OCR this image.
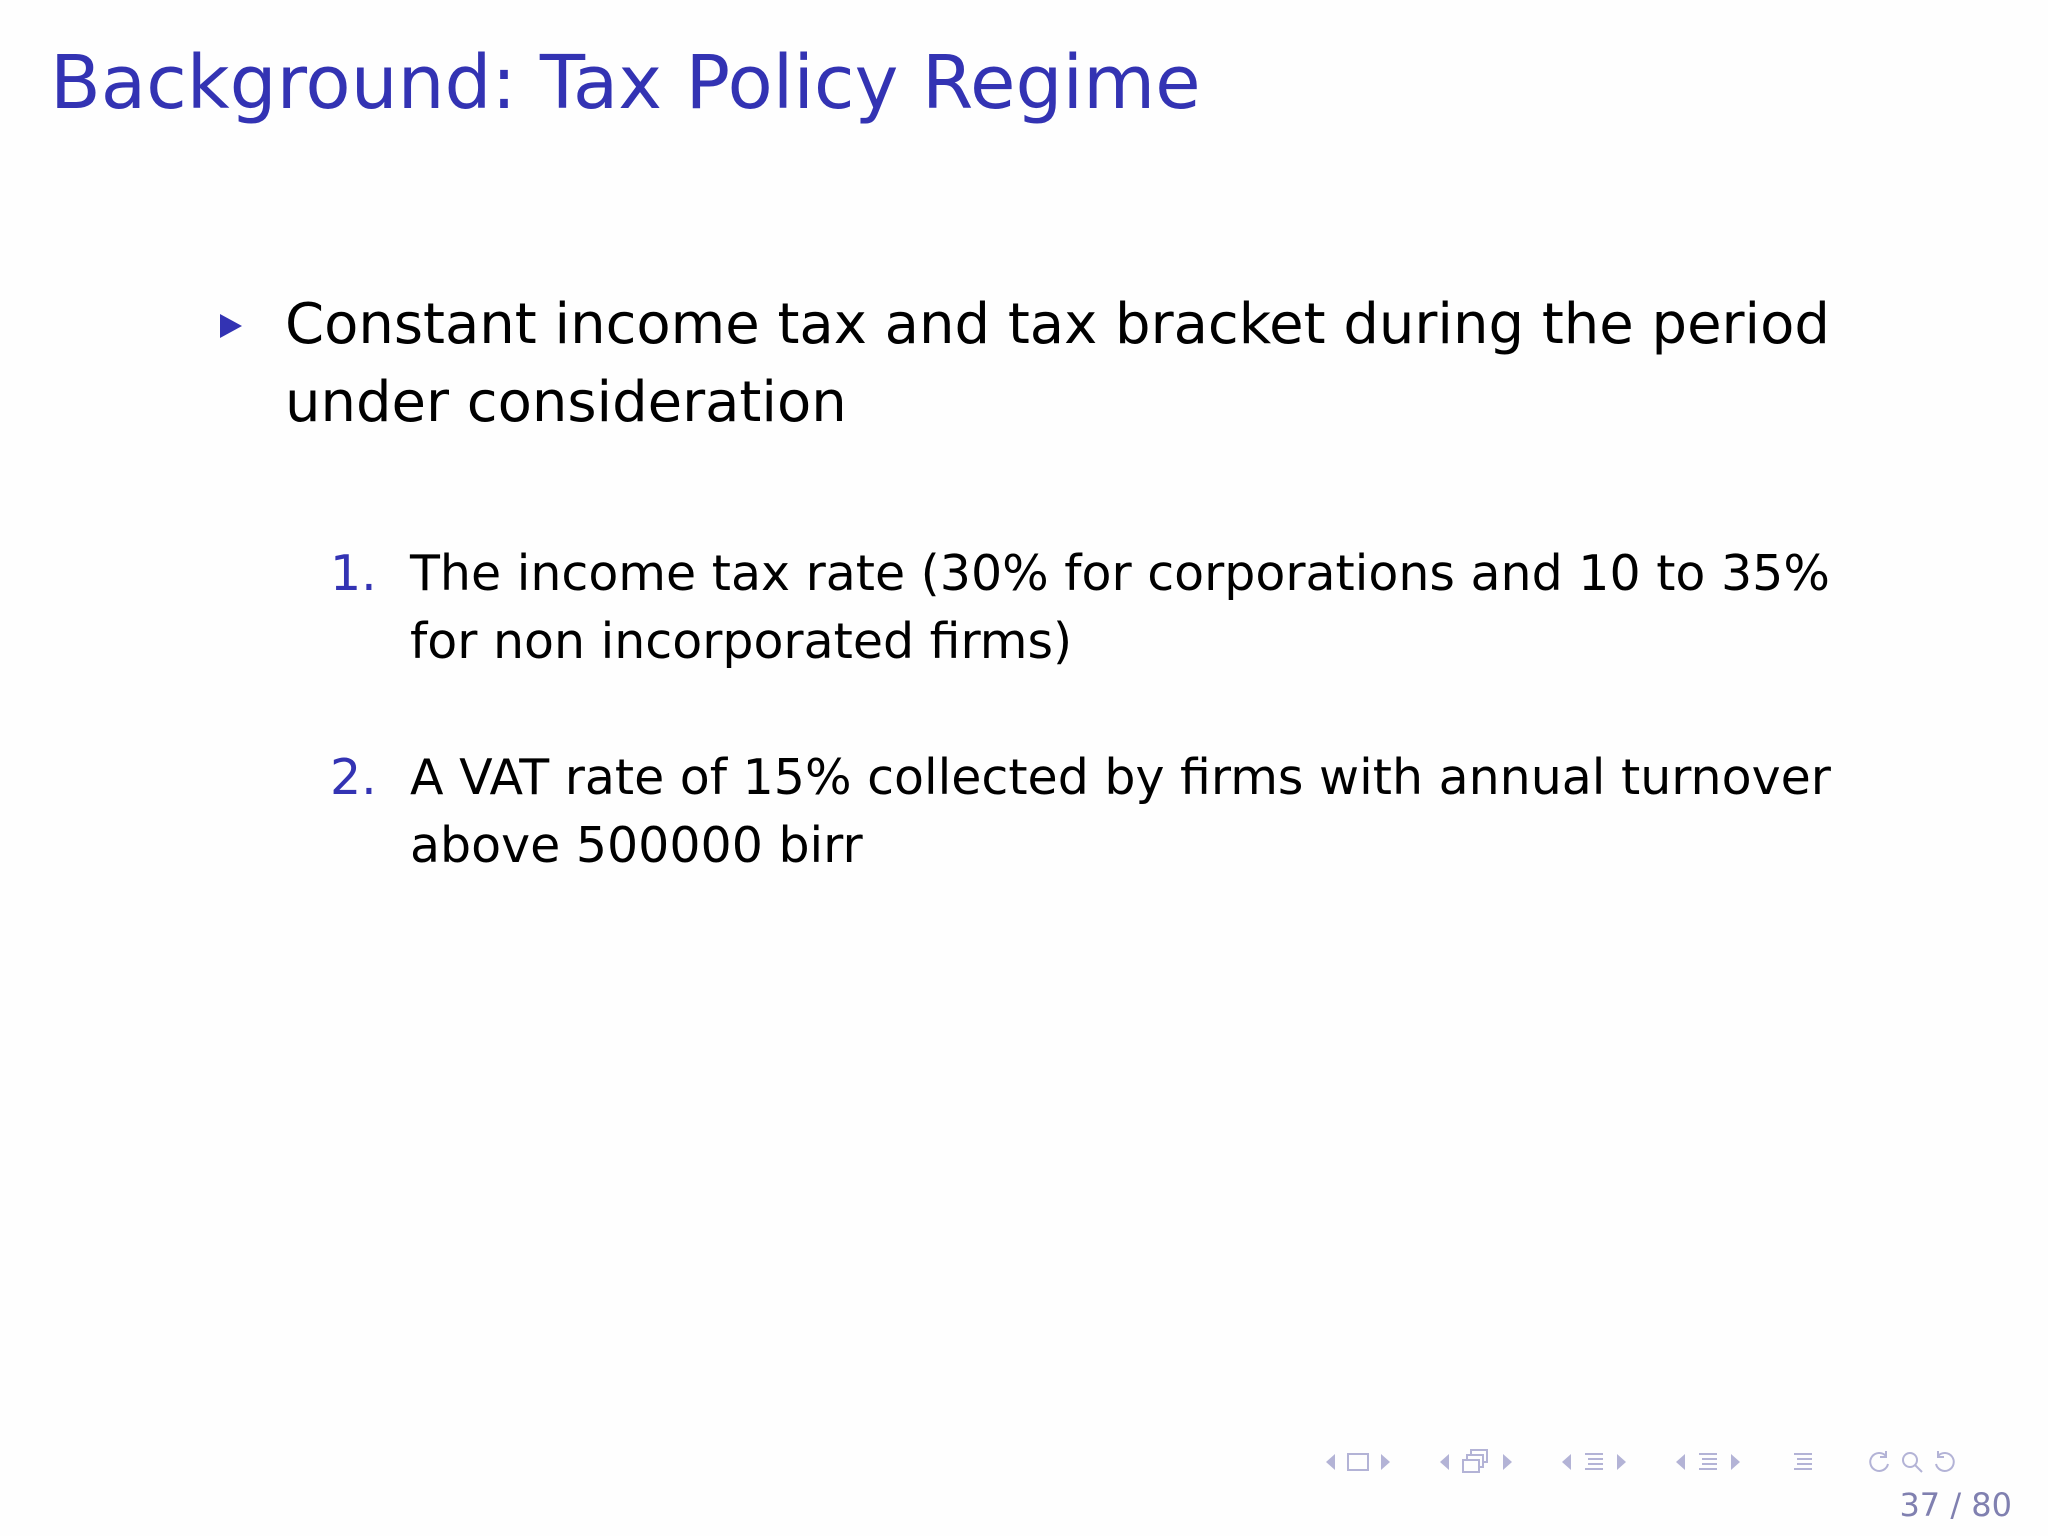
Background: Tax Policy Regime
Constant income tax and tax bracket during the period under consideration
1. The income tax rate (30% for corporations and 10 to 35% for non incorporated firms)
2. A VAT rate of 15% collected by firms with annual turnover above 500000 birr
37 / 80
